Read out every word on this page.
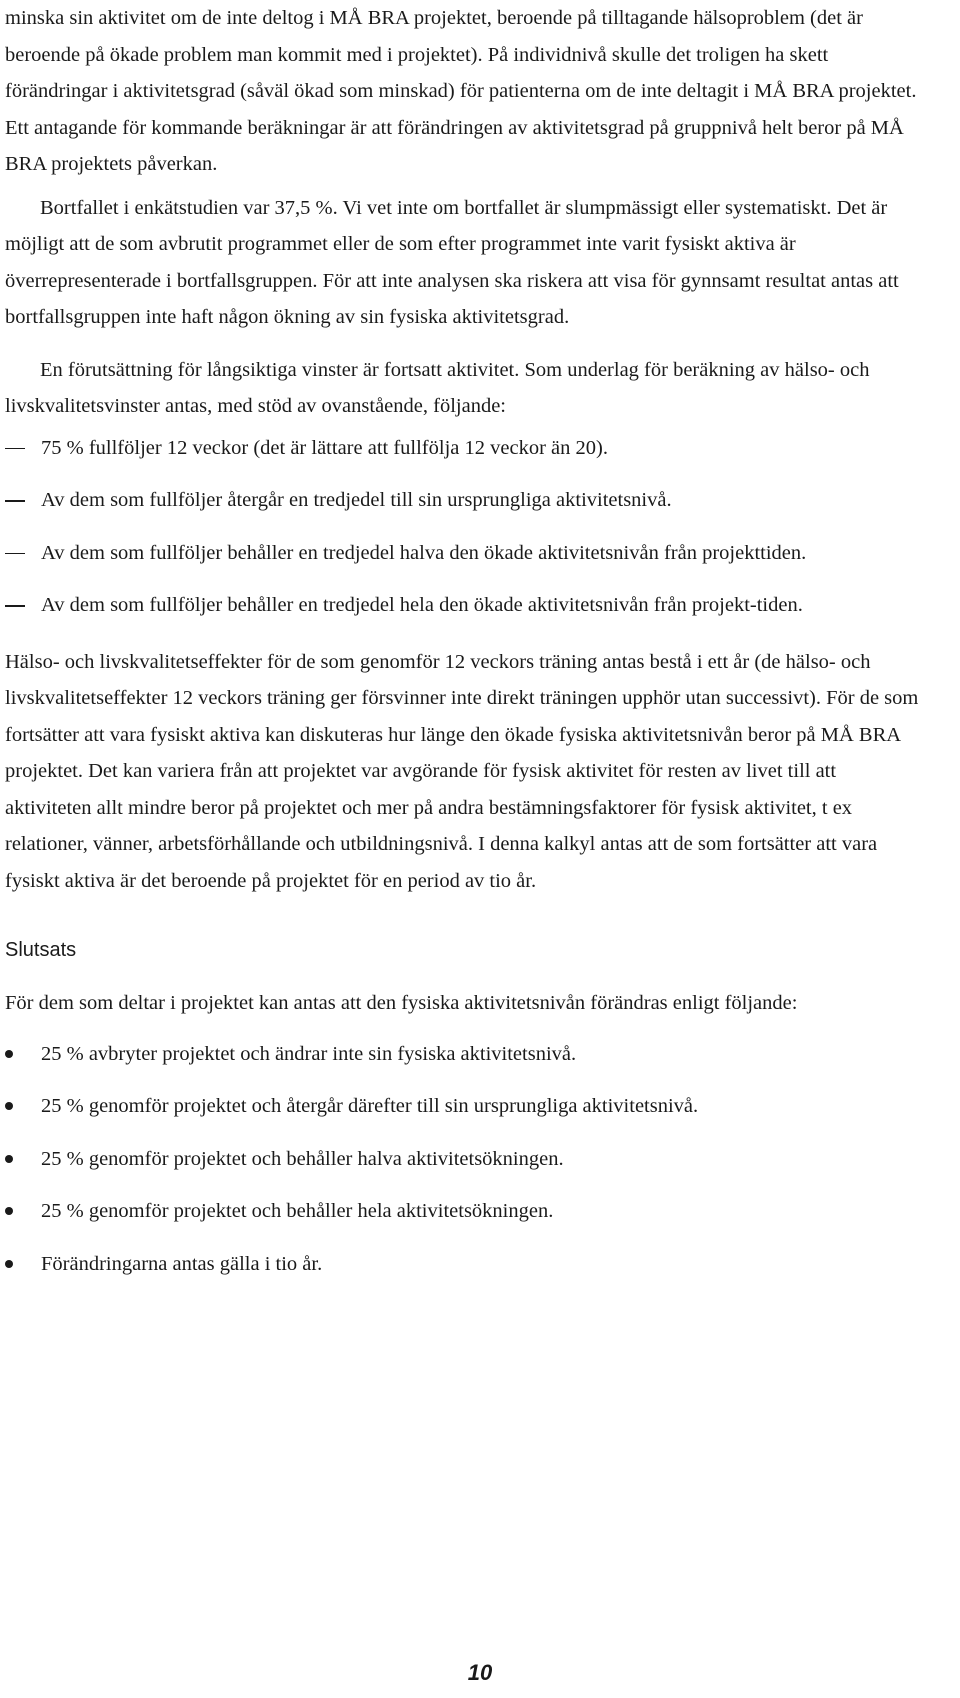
minska sin aktivitet om de inte deltog i MÅ BRA projektet, beroende på tilltagande hälsoproblem (det är beroende på ökade problem man kommit med i projektet). På individnivå skulle det troligen ha skett förändringar i aktivitetsgrad (såväl ökad som minskad) för patienterna om de inte deltagit i MÅ BRA projektet. Ett antagande för kommande beräkningar är att förändringen av aktivitetsgrad på gruppnivå helt beror på MÅ BRA projektets påverkan.

Bortfallet i enkätstudien var 37,5 %. Vi vet inte om bortfallet är slumpmässigt eller systematiskt. Det är möjligt att de som avbrutit programmet eller de som efter programmet inte varit fysiskt aktiva är överrepresenterade i bortfallsgruppen. För att inte analysen ska riskera att visa för gynnsamt resultat antas att bortfallsgruppen inte haft någon ökning av sin fysiska aktivitetsgrad.

En förutsättning för långsiktiga vinster är fortsatt aktivitet. Som underlag för beräkning av hälso- och livskvalitetsvinster antas, med stöd av ovanstående, följande:

75 % fullföljer 12 veckor (det är lättare att fullfölja 12 veckor än 20).
Av dem som fullföljer återgår en tredjedel till sin ursprungliga aktivitetsnivå.
Av dem som fullföljer behåller en tredjedel halva den ökade aktivitetsnivån från projekttiden.
Av dem som fullföljer behåller en tredjedel hela den ökade aktivitetsnivån från projekt-tiden.

Hälso- och livskvalitetseffekter för de som genomför 12 veckors träning antas bestå i ett år (de hälso- och livskvalitetseffekter 12 veckors träning ger försvinner inte direkt träningen upphör utan successivt). För de som fortsätter att vara fysiskt aktiva kan diskuteras hur länge den ökade fysiska aktivitetsnivån beror på MÅ BRA projektet. Det kan variera från att projektet var avgörande för fysisk aktivitet för resten av livet till att aktiviteten allt mindre beror på projektet och mer på andra bestämningsfaktorer för fysisk aktivitet, t ex relationer, vänner, arbetsförhållande och utbildningsnivå. I denna kalkyl antas att de som fortsätter att vara fysiskt aktiva är det beroende på projektet för en period av tio år.

Slutsats

För dem som deltar i projektet kan antas att den fysiska aktivitetsnivån förändras enligt följande:

25 % avbryter projektet och ändrar inte sin fysiska aktivitetsnivå.
25 % genomför projektet och återgår därefter till sin ursprungliga aktivitetsnivå.
25 % genomför projektet och behåller halva aktivitetsökningen.
25 % genomför projektet och behåller hela aktivitetsökningen.
Förändringarna antas gälla i tio år.
10
